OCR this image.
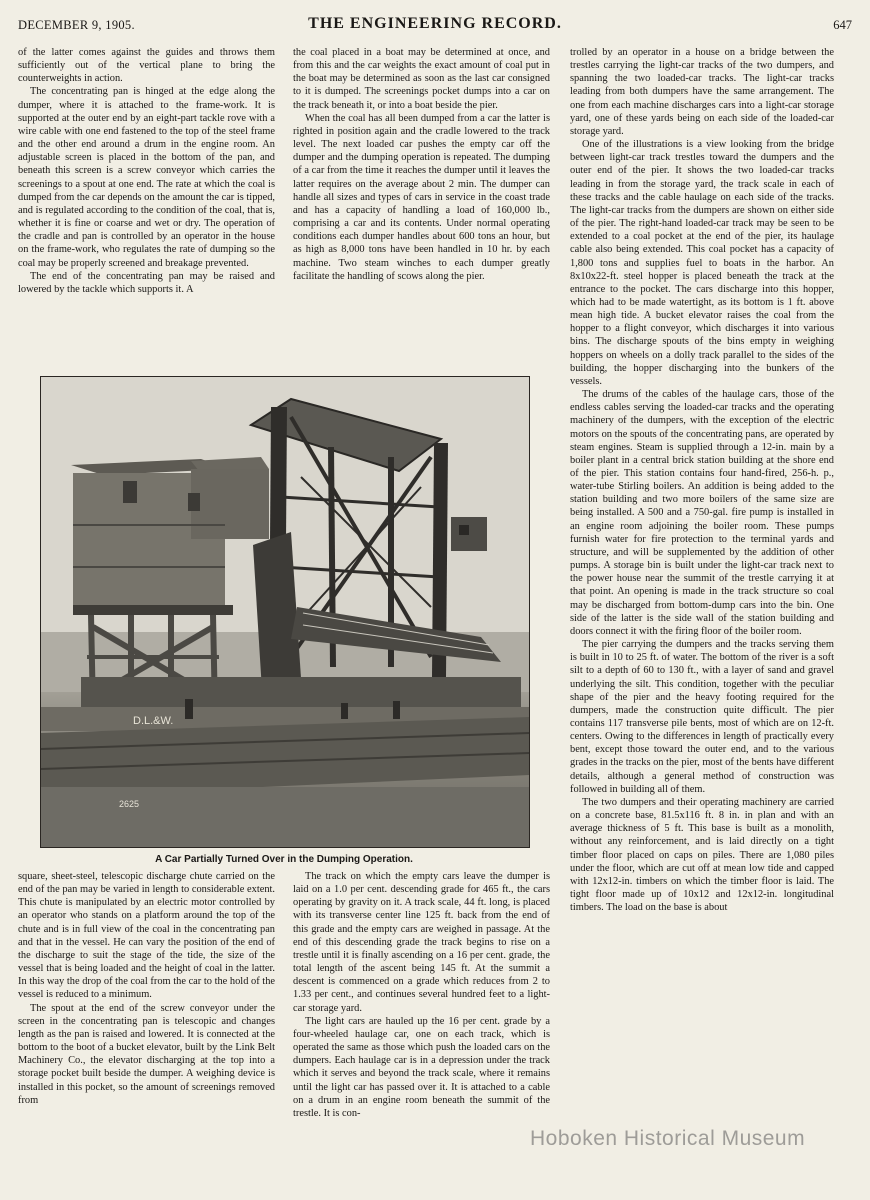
DECEMBER 9, 1905.	THE ENGINEERING RECORD.	647

of the latter comes against the guides and throws them sufficiently out of the vertical plane to bring the counterweights in action.

The concentrating pan is hinged at the edge along the dumper, where it is attached to the frame-work. It is supported at the outer end by an eight-part tackle rove with a wire cable with one end fastened to the top of the steel frame and the other end around a drum in the engine room. An adjustable screen is placed in the bottom of the pan, and beneath this screen is a screw conveyor which carries the screenings to a spout at one end. The rate at which the coal is dumped from the car depends on the amount the car is tipped, and is regulated according to the condition of the coal, that is, whether it is fine or coarse and wet or dry. The operation of the cradle and pan is controlled by an operator in the house on the frame-work, who regulates the rate of dumping so the coal may be properly screened and breakage prevented.

The end of the concentrating pan may be raised and lowered by the tackle which supports it. A

the coal placed in a boat may be determined at once, and from this and the car weights the exact amount of coal put in the boat may be determined as soon as the last car consigned to it is dumped. The screenings pocket dumps into a car on the track beneath it, or into a boat beside the pier.

When the coal has all been dumped from a car the latter is righted in position again and the cradle lowered to the track level. The next loaded car pushes the empty car off the dumper and the dumping operation is repeated. The dumping of a car from the time it reaches the dumper until it leaves the latter requires on the average about 2 min. The dumper can handle all sizes and types of cars in service in the coast trade and has a capacity of handling a load of 160,000 lb., comprising a car and its contents. Under normal operating conditions each dumper handles about 600 tons an hour, but as high as 8,000 tons have been handled in 10 hr. by each machine. Two steam winches to each dumper greatly facilitate the handling of scows along the pier.

trolled by an operator in a house on a bridge between the trestles carrying the light-car tracks of the two dumpers, and spanning the two loaded-car tracks. The light-car tracks leading from both dumpers have the same arrangement. The one from each machine discharges cars into a light-car storage yard, one of these yards being on each side of the loaded-car storage yard.

One of the illustrations is a view looking from the bridge between light-car track trestles toward the dumpers and the outer end of the pier. It shows the two loaded-car tracks leading in from the storage yard, the track scale in each of these tracks and the cable haulage on each side of the tracks. The light-car tracks from the dumpers are shown on either side of the pier. The right-hand loaded-car track may be seen to be extended to a coal pocket at the end of the pier, its haulage cable also being extended. This coal pocket has a capacity of 1,800 tons and supplies fuel to boats in the harbor. An 8x10x22-ft. steel hopper is placed beneath the track at the entrance to the pocket. The cars discharge into this hopper, which had to be made watertight, as its bottom is 1 ft. above mean high tide. A bucket elevator raises the coal from the hopper to a flight conveyor, which discharges it into various bins. The discharge spouts of the bins empty in weighing hoppers on wheels on a dolly track parallel to the sides of the building, the hopper discharging into the bunkers of the vessels.

The drums of the cables of the haulage cars, those of the endless cables serving the loaded-car tracks and the operating machinery of the dumpers, with the exception of the electric motors on the spouts of the concentrating pans, are operated by steam engines. Steam is supplied through a 12-in. main by a boiler plant in a central brick station building at the shore end of the pier. This station contains four hand-fired, 256-h. p., water-tube Stirling boilers. An addition is being added to the station building and two more boilers of the same size are being installed. A 500 and a 750-gal. fire pump is installed in an engine room adjoining the boiler room. These pumps furnish water for fire protection to the terminal yards and structure, and will be supplemented by the addition of other pumps. A storage bin is built under the light-car track next to the power house near the summit of the trestle carrying it at that point. An opening is made in the track structure so coal may be discharged from bottom-dump cars into the bin. One side of the latter is the side wall of the station building and doors connect it with the firing floor of the boiler room.

The pier carrying the dumpers and the tracks serving them is built in 10 to 25 ft. of water. The bottom of the river is a soft silt to a depth of 60 to 130 ft., with a layer of sand and gravel underlying the silt. This condition, together with the peculiar shape of the pier and the heavy footing required for the dumpers, made the construction quite difficult. The pier contains 117 transverse pile bents, most of which are on 12-ft. centers. Owing to the differences in length of practically every bent, except those toward the outer end, and to the various grades in the tracks on the pier, most of the bents have different details, although a general method of construction was followed in building all of them.

The two dumpers and their operating machinery are carried on a concrete base, 81.5x116 ft. 8 in. in plan and with an average thickness of 5 ft. This base is built as a monolith, without any reinforcement, and is laid directly on a tight timber floor placed on caps on piles. There are 1,080 piles under the floor, which are cut off at mean low tide and capped with 12x12-in. timbers on which the timber floor is laid. The tight floor made up of 10x12 and 12x12-in. longitudinal timbers. The load on the base is about

D.L.&W.
2625
A Car Partially Turned Over in the Dumping Operation.

square, sheet-steel, telescopic discharge chute carried on the end of the pan may be varied in length to considerable extent. This chute is manipulated by an electric motor controlled by an operator who stands on a platform around the top of the chute and is in full view of the coal in the concentrating pan and that in the vessel. He can vary the position of the end of the discharge to suit the stage of the tide, the size of the vessel that is being loaded and the height of coal in the latter. In this way the drop of the coal from the car to the hold of the vessel is reduced to a minimum.

The spout at the end of the screw conveyor under the screen in the concentrating pan is telescopic and changes length as the pan is raised and lowered. It is connected at the bottom to the boot of a bucket elevator, built by the Link Belt Machinery Co., the elevator discharging at the top into a storage pocket built beside the dumper. A weighing device is installed in this pocket, so the amount of screenings removed from

The track on which the empty cars leave the dumper is laid on a 1.0 per cent. descending grade for 465 ft., the cars operating by gravity on it. A track scale, 44 ft. long, is placed with its transverse center line 125 ft. back from the end of this grade and the empty cars are weighed in passage. At the end of this descending grade the track begins to rise on a trestle until it is finally ascending on a 16 per cent. grade, the total length of the ascent being 145 ft. At the summit a descent is commenced on a grade which reduces from 2 to 1.33 per cent., and continues several hundred feet to a light-car storage yard.

The light cars are hauled up the 16 per cent. grade by a four-wheeled haulage car, one on each track, which is operated the same as those which push the loaded cars on the dumpers. Each haulage car is in a depression under the track which it serves and beyond the track scale, where it remains until the light car has passed over it. It is attached to a cable on a drum in an engine room beneath the summit of the trestle. It is con-

Hoboken Historical Museum
